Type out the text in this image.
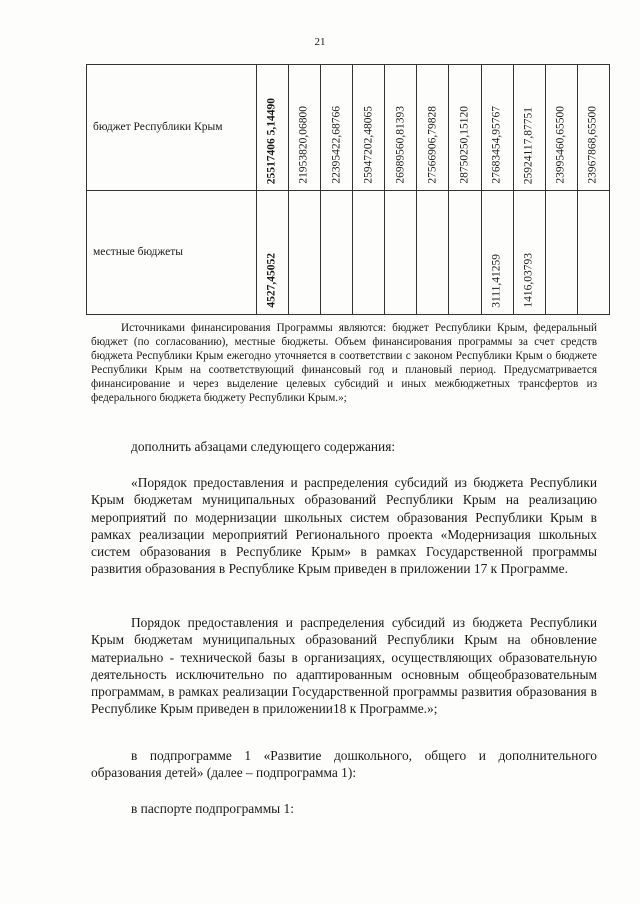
21
бюджет Республики Крым	25517406 5,14490	21953820,06800	22395422,68766	25947202,48065	26989560,81393	27566906,79828	28750250,15120	27683454,95767	25924117,87751	23995460,65500	23967868,65500

местные бюджеты	4527,45052							3111,41259	1416,03793		

Источниками финансирования Программы являются: бюджет Республики Крым, федеральный бюджет (по согласованию), местные бюджеты. Объем финансирования программы за счет средств бюджета Республики Крым ежегодно уточняется в соответствии с законом Республики Крым о бюджете Республики Крым на соответствующий финансовый год и плановый период. Предусматривается финансирование и через выделение целевых субсидий и иных межбюджетных трансфертов из федерального бюджета бюджету Республики Крым.»;
дополнить абзацами следующего содержания:
«Порядок предоставления и распределения субсидий из бюджета Республики Крым бюджетам муниципальных образований Республики Крым на реализацию мероприятий по модернизации школьных систем образования Республики Крым в рамках реализации мероприятий Регионального проекта «Модернизация школьных систем образования в Республике Крым» в рамках Государственной программы развития образования в Республике Крым приведен в приложении 17 к Программе.
Порядок предоставления и распределения субсидий из бюджета Республики Крым бюджетам муниципальных образований Республики Крым на обновление материально - технической базы в организациях, осуществляющих образовательную деятельность исключительно по адаптированным основным общеобразовательным программам, в рамках реализации Государственной программы развития образования в Республике Крым приведен в приложении18 к Программе.»;
в подпрограмме 1 «Развитие дошкольного, общего и дополнительного образования детей» (далее – подпрограмма 1):
в паспорте подпрограммы 1:
